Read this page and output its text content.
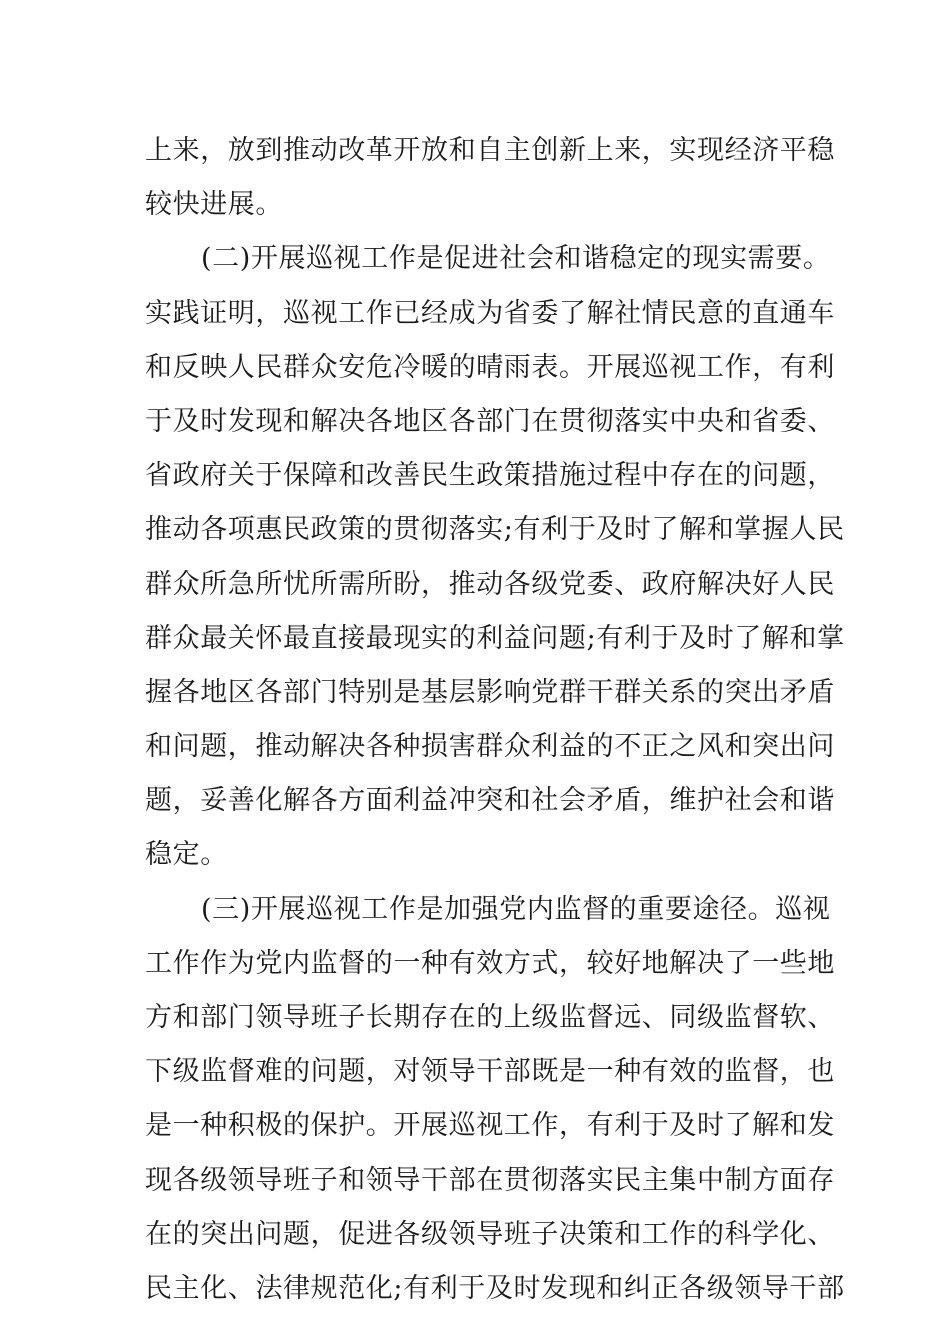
上来，放到推动改革开放和自主创新上来，实现经济平稳
较快进展。
(二)开展巡视工作是促进社会和谐稳定的现实需要。
实践证明，巡视工作已经成为省委了解社情民意的直通车
和反映人民群众安危冷暖的晴雨表。开展巡视工作，有利
于及时发现和解决各地区各部门在贯彻落实中央和省委、
省政府关于保障和改善民生政策措施过程中存在的问题，
推动各项惠民政策的贯彻落实;有利于及时了解和掌握人民
群众所急所忧所需所盼，推动各级党委、政府解决好人民
群众最关怀最直接最现实的利益问题;有利于及时了解和掌
握各地区各部门特别是基层影响党群干群关系的突出矛盾
和问题，推动解决各种损害群众利益的不正之风和突出问
题，妥善化解各方面利益冲突和社会矛盾，维护社会和谐
稳定。
(三)开展巡视工作是加强党内监督的重要途径。巡视
工作作为党内监督的一种有效方式，较好地解决了一些地
方和部门领导班子长期存在的上级监督远、同级监督软、
下级监督难的问题，对领导干部既是一种有效的监督，也
是一种积极的保护。开展巡视工作，有利于及时了解和发
现各级领导班子和领导干部在贯彻落实民主集中制方面存
在的突出问题，促进各级领导班子决策和工作的科学化、
民主化、法律规范化;有利于及时发现和纠正各级领导干部
